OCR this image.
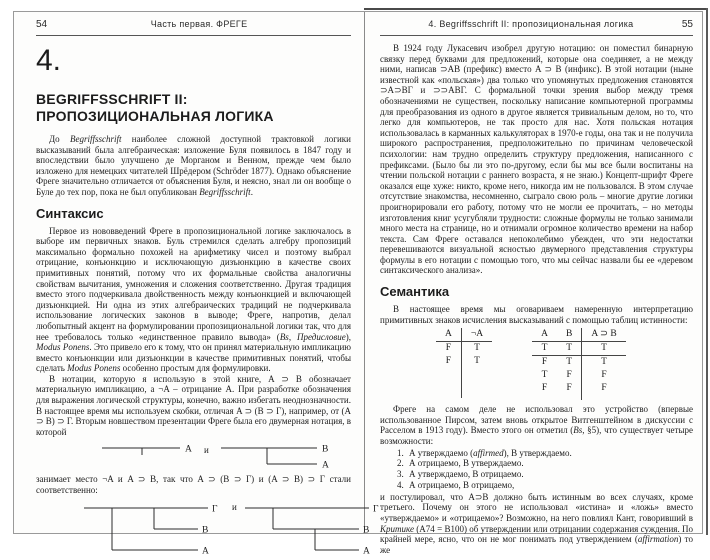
54	Часть первая. ФРЕГЕ
4.
BEGRIFFSSCHRIFT II:
ПРОПОЗИЦИОНАЛЬНАЯ ЛОГИКА

До Begriffsschrift наиболее сложной доступной трактовкой логики высказываний была алгебраическая: изложение Буля появилось в 1847 году и впоследствии было улучшено де Морганом и Венном, прежде чем было изложено для немецких читателей Шрёдером (Schröder 1877). Однако объяснение Фреге значительно отличается от объяснения Буля, и неясно, знал ли он вообще о Буле до тех пор, пока не был опубликован Begriffsschrift.

Синтаксис

Первое из нововведений Фреге в пропозициональной логике заключалось в выборе им первичных знаков. Буль стремился сделать алгебру пропозиций максимально формально похожей на арифметику чисел и поэтому выбрал отрицание, конъюнкцию и исключающую дизъюнкцию в качестве своих примитивных понятий, потому что их формальные свойства аналогичны свойствам вычитания, умножения и сложения соответственно. Другая традиция вместо этого подчеркивала двойственность между конъюнкцией и включающей дизъюнкцией. Ни одна из этих алгебраических традиций не подчеркивала использование логических законов в выводе; Фреге, напротив, делал любопытный акцент на формулировании пропозициональной логики так, что для нее требовалось только «единственное правило вывода» (Bs, Предисловие), Modus Ponens. Это привело его к тому, что он принял материальную импликацию вместо конъюнкции или дизъюнкции в качестве примитивных понятий, чтобы сделать Modus Ponens особенно простым для формулировки.

В нотации, которую я использую в этой книге, A ⊃ B обозначает материальную импликацию, а ¬A – отрицание A. При разработке обозначения для выражения логической структуры, конечно, важно избегать неоднозначности. В настоящее время мы используем скобки, отличая A ⊃ (B ⊃ Г), например, от (A ⊃ B) ⊃ Г. Вторым новшеством презентации Фреге была его двумерная нотация, в которой

A и	B
A

занимает место ¬A и A ⊃ B, так что A ⊃ (B ⊃ Г) и (A ⊃ B) ⊃ Г стали соответственно:

Г
B
A
и	Г
B
A
4. Begriffsschrift II: пропозициональная логика	55

В 1924 году Лукасевич изобрел другую нотацию: он поместил бинарную связку перед буквами для предложений, которые она соединяет, а не между ними, написав ⊃AB (префикс) вместо A ⊃ B (инфикс). В этой нотации (ныне известной как «польская») два только что упомянутых предложения становятся ⊃A⊃BГ и ⊃⊃ABГ. С формальной точки зрения выбор между тремя обозначениями не существен, поскольку написание компьютерной программы для преобразования из одного в другое является тривиальным делом, но то, что легко для компьютеров, не так просто для нас. Хотя польская нотация использовалась в карманных калькуляторах в 1970-е годы, она так и не получила широкого распространения, предположительно по причинам человеческой психологии: нам трудно определить структуру предложения, написанного с префиксами. (Было бы ли это по-другому, если бы мы все были воспитаны на чтении польской нотации с раннего возраста, я не знаю.) Концепт-шрифт Фреге оказался еще хуже: никто, кроме него, никогда им не пользовался. В этом случае отсутствие знакомства, несомненно, сыграло свою роль – многие другие логики проигнорировали его работу, потому что не могли ее прочитать, – но методы изготовления книг усугубляли трудности: сложные формулы не только занимали много места на странице, но и отнимали огромное количество времени на набор текста. Сам Фреге оставался непоколебимо убежден, что эти недостатки перевешиваются визуальной ясностью двумерного представления структуры формулы в его нотации с помощью того, что мы сейчас назвали бы ее «деревом синтаксического анализа».

Семантика

В настоящее время мы оговариваем намеренную интерпретацию примитивных знаков исчисления высказываний с помощью таблиц истинности:

A	¬A
F	T
F	T
A	B	A ⊃ B
T	T	T
F	T	T
T	F	F
F	F	F

Фреге на самом деле не использовал это устройство (впервые использованное Пирсом, затем вновь открытое Витгенштейном в дискуссии с Расселом в 1913 году). Вместо этого он отметил (Bs, §5), что существует четыре возможности:

1. А утверждаемо (affirmed), В утверждаемо.
2. А отрицаемо, В утверждаемо.
3. А утверждаемо, В отрицаемо.
4. А отрицаемо, В отрицаемо,

и постулировал, что A⊃B должно быть истинным во всех случаях, кроме третьего. Почему он этого не использовал «истина» и «ложь» вместо «утверждаемо» и «отрицаемо»? Возможно, на него повлиял Кант, говоривший в Критике (A74 = B100) об утверждении или отрицании содержания суждения. По крайней мере, ясно, что он не мог понимать под утверждением (affirmation) то же
